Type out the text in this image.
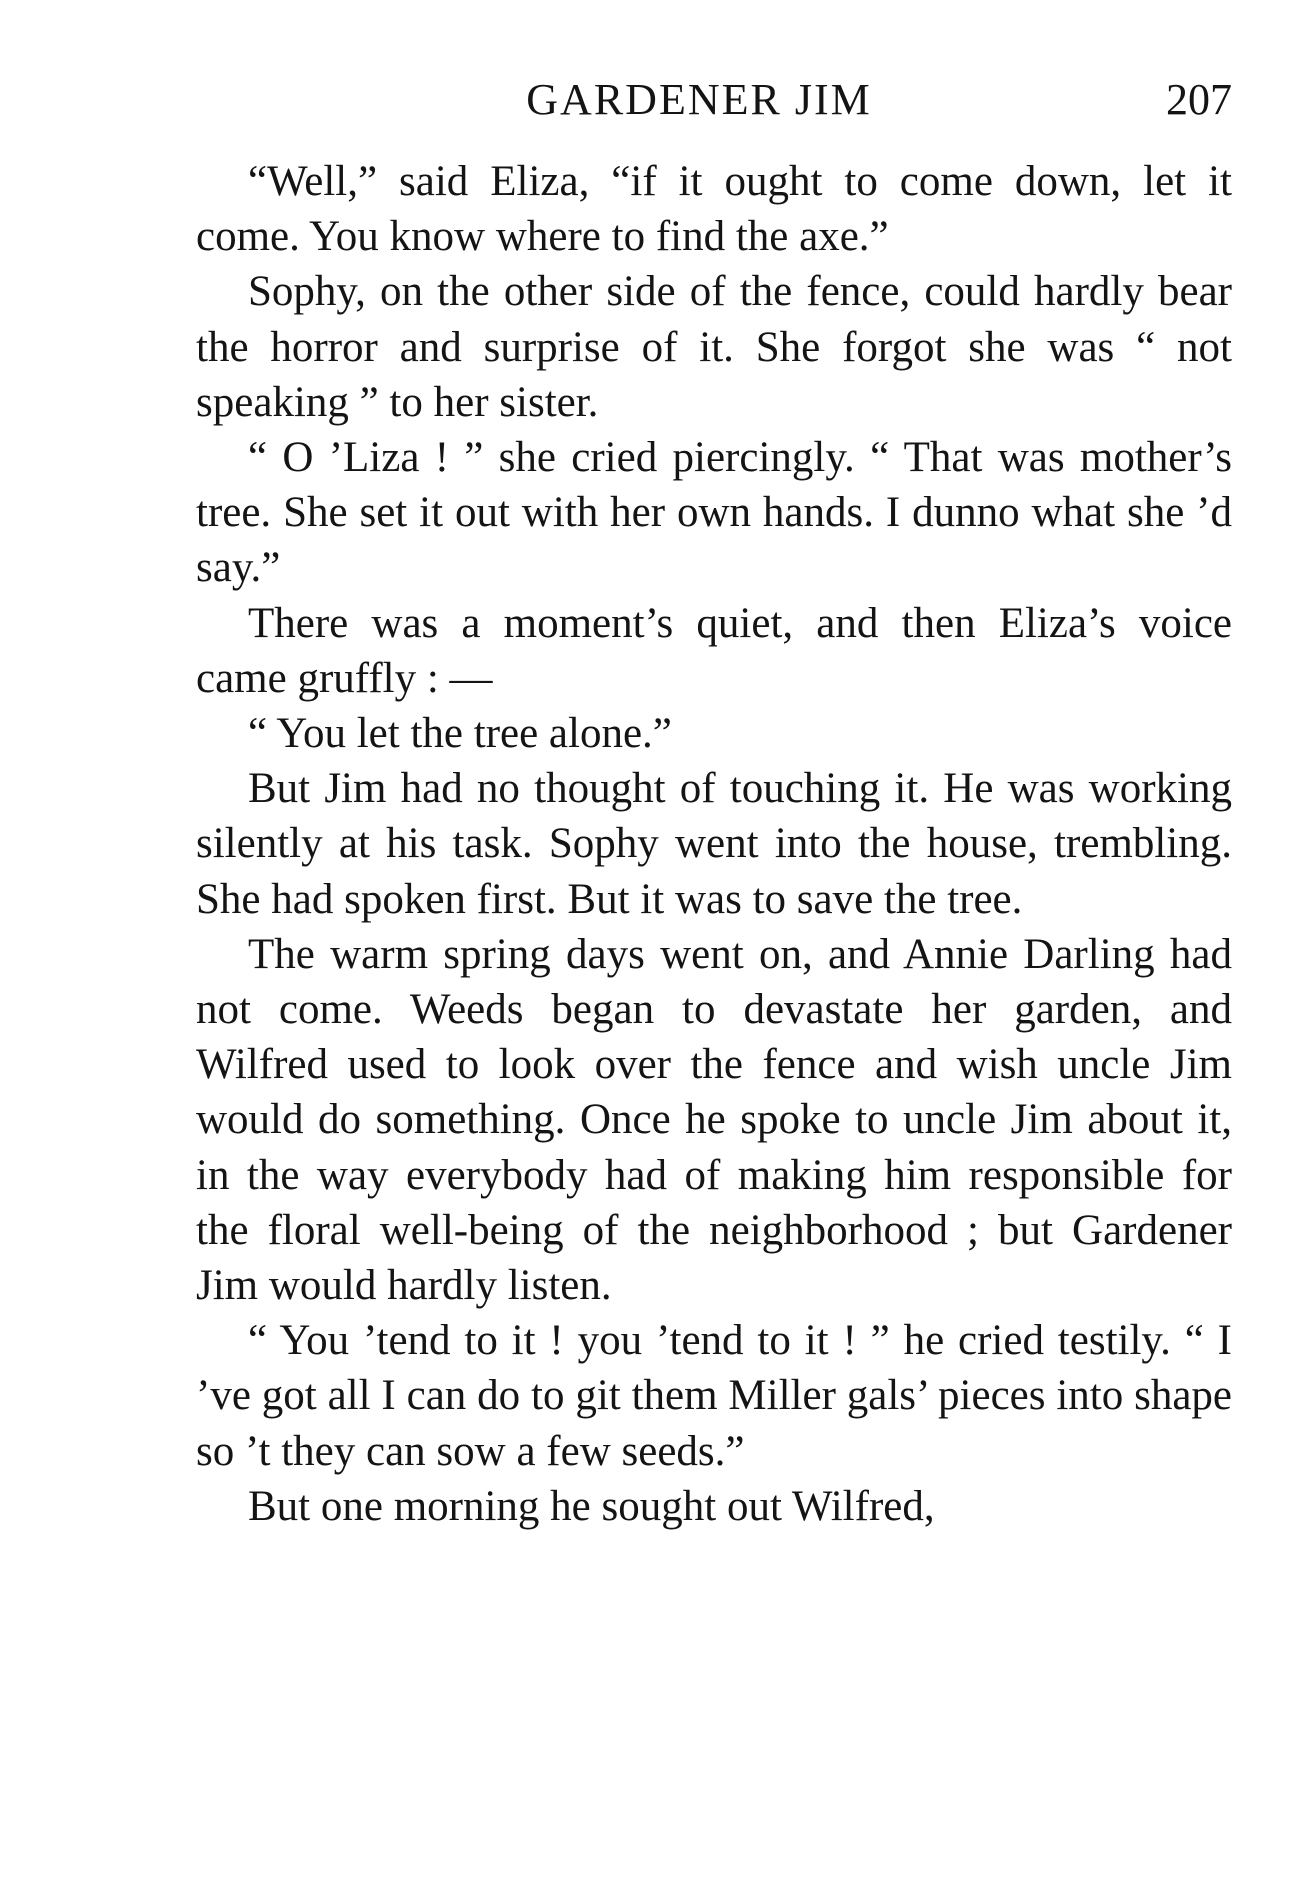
GARDENER JIM	207

“Well,” said Eliza, “if it ought to come down, let it come. You know where to find the axe.”

Sophy, on the other side of the fence, could hardly bear the horror and surprise of it. She forgot she was “ not speaking ” to her sister.

“ O ’Liza ! ” she cried piercingly. “ That was mother’s tree. She set it out with her own hands. I dunno what she ’d say.”

There was a moment’s quiet, and then Eliza’s voice came gruffly : —

“ You let the tree alone.”

But Jim had no thought of touching it. He was working silently at his task. Sophy went into the house, trembling. She had spoken first. But it was to save the tree.

The warm spring days went on, and Annie Darling had not come. Weeds began to devastate her garden, and Wilfred used to look over the fence and wish uncle Jim would do something. Once he spoke to uncle Jim about it, in the way everybody had of making him responsible for the floral well-being of the neighborhood ; but Gardener Jim would hardly listen.

“ You ’tend to it ! you ’tend to it ! ” he cried testily. “ I ’ve got all I can do to git them Miller gals’ pieces into shape so ’t they can sow a few seeds.”

But one morning he sought out Wilfred,
